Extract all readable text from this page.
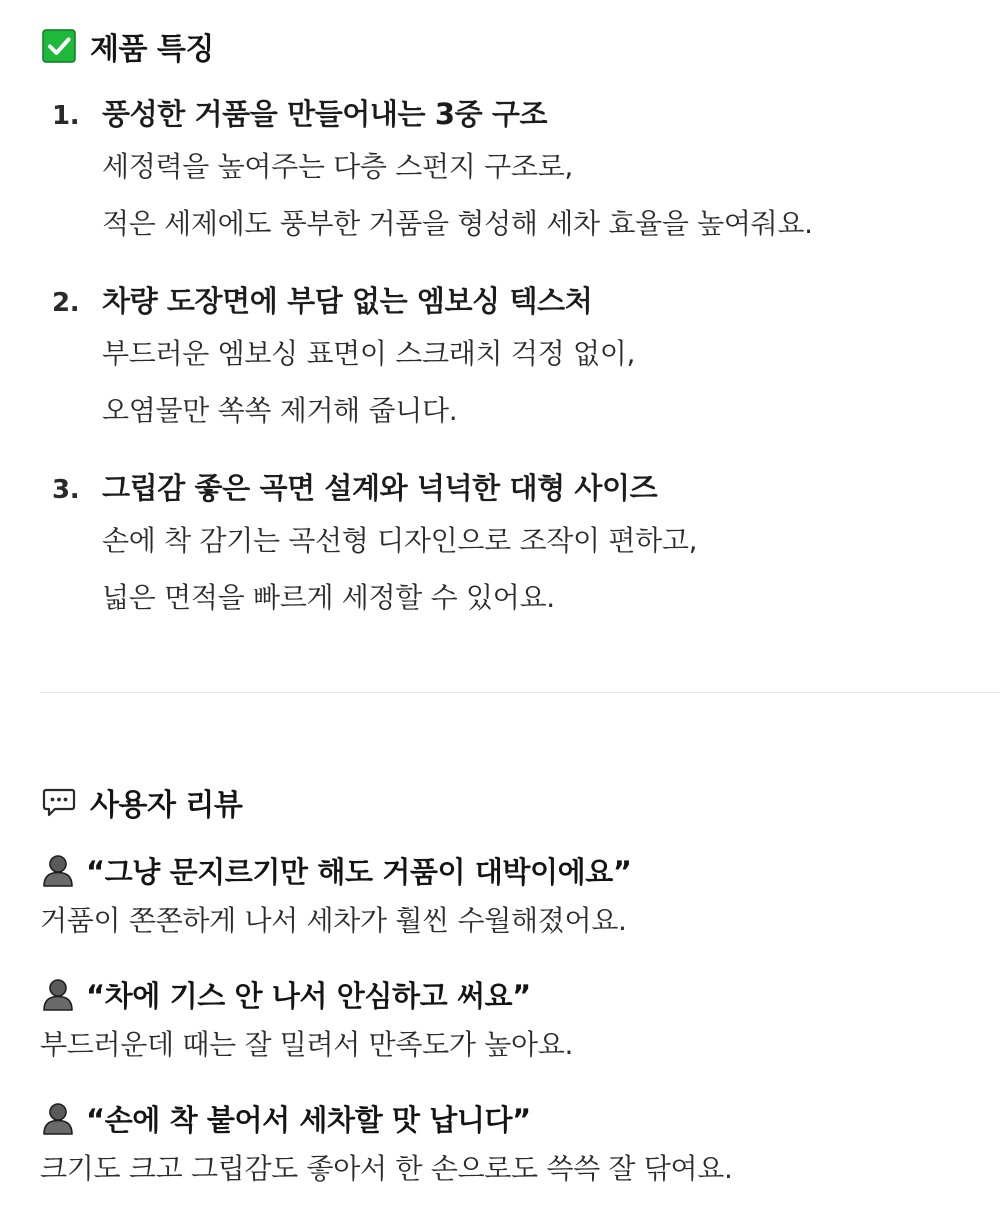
제품 특징
1. 풍성한 거품을 만들어내는 3중 구조
세정력을 높여주는 다층 스펀지 구조로,
적은 세제에도 풍부한 거품을 형성해 세차 효율을 높여줘요.
2. 차량 도장면에 부담 없는 엠보싱 텍스처
부드러운 엠보싱 표면이 스크래치 걱정 없이,
오염물만 쏙쏙 제거해 줍니다.
3. 그립감 좋은 곡면 설계와 넉넉한 대형 사이즈
손에 착 감기는 곡선형 디자인으로 조작이 편하고,
넓은 면적을 빠르게 세정할 수 있어요.
사용자 리뷰
“그냥 문지르기만 해도 거품이 대박이에요”
거품이 쫀쫀하게 나서 세차가 훨씬 수월해졌어요.
“차에 기스 안 나서 안심하고 써요”
부드러운데 때는 잘 밀려서 만족도가 높아요.
“손에 착 붙어서 세차할 맛 납니다”
크기도 크고 그립감도 좋아서 한 손으로도 쓱쓱 잘 닦여요.
